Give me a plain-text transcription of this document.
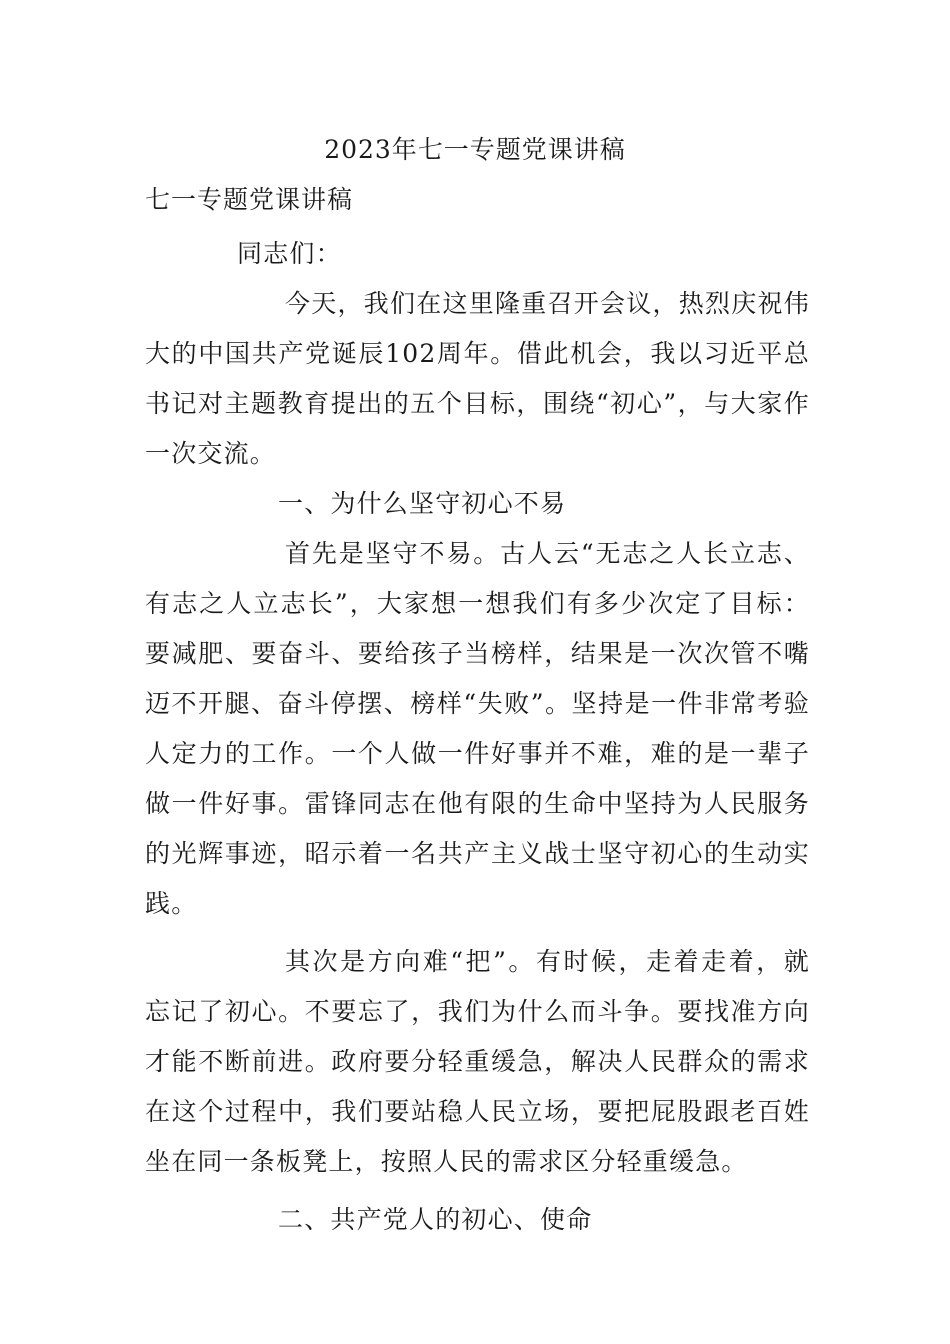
2023年七一专题党课讲稿
七一专题党课讲稿

同志们：

今天，我们在这里隆重召开会议，热烈庆祝伟大的中国共产党诞辰102周年。借此机会，我以习近平总书记对主题教育提出的五个目标，围绕“初心”，与大家作一次交流。

一、为什么坚守初心不易

首先是坚守不易。古人云“无志之人长立志、有志之人立志长”，大家想一想我们有多少次定了目标：要减肥、要奋斗、要给孩子当榜样，结果是一次次管不嘴迈不开腿、奋斗停摆、榜样“失败”。坚持是一件非常考验人定力的工作。一个人做一件好事并不难，难的是一辈子做一件好事。雷锋同志在他有限的生命中坚持为人民服务的光辉事迹，昭示着一名共产主义战士坚守初心的生动实践。

其次是方向难“把”。有时候，走着走着，就忘记了初心。不要忘了，我们为什么而斗争。要找准方向才能不断前进。政府要分轻重缓急，解决人民群众的需求在这个过程中，我们要站稳人民立场，要把屁股跟老百姓坐在同一条板凳上，按照人民的需求区分轻重缓急。

二、共产党人的初心、使命
